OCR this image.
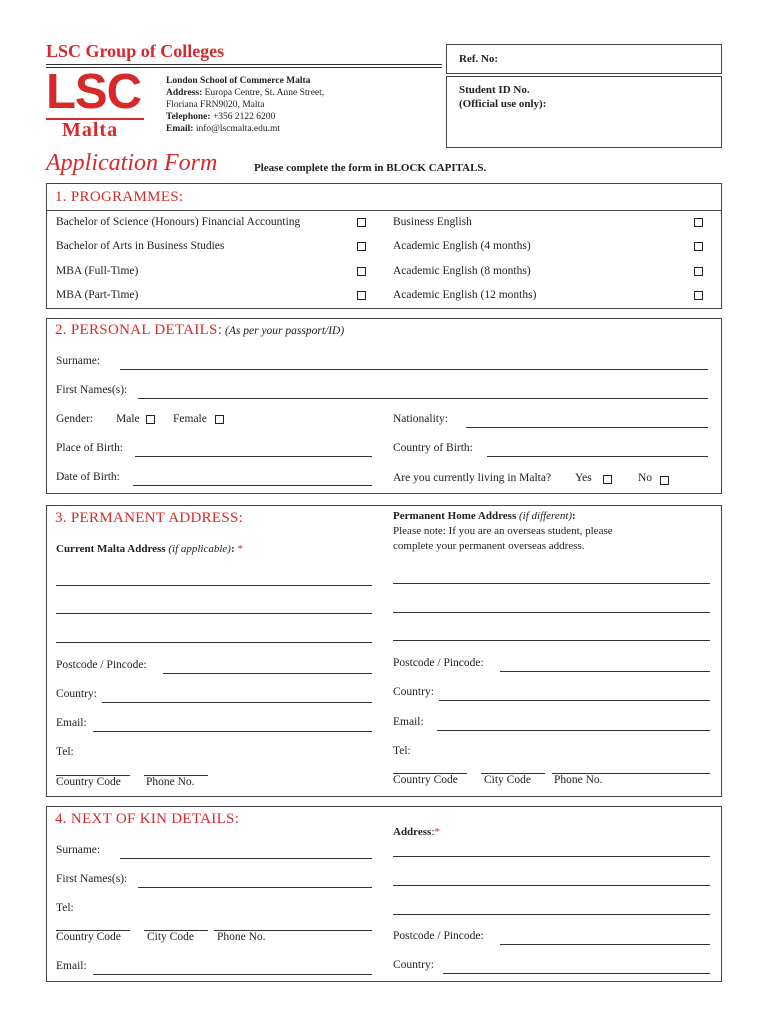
LSC Group of Colleges
LSC
Malta
London School of Commerce Malta
Address: Europa Centre, St. Anne Street,
Floriana FRN9020, Malta
Telephone: +356 2122 6200
Email: info@lscmalta.edu.mt
Ref. No:
Student ID No.
(Official use only):
Application Form	Please complete the form in BLOCK CAPITALS.
1. PROGRAMMES:
Bachelor of Science (Honours) Financial Accounting
Bachelor of Arts in Business Studies
MBA (Full-Time)
MBA (Part-Time)
Business English
Academic English (4 months)
Academic English (8 months)
Academic English (12 months)
2. PERSONAL DETAILS: (As per your passport/ID)
Surname:
First Names(s):
Gender: Male	Female	Nationality:
Place of Birth:	Country of Birth:
Date of Birth:	Are you currently living in Malta? Yes	No
3. PERMANENT ADDRESS:
Current Malta Address (if applicable): *
Postcode / Pincode:
Country:
Email:
Tel:
Country Code Phone No.
Permanent Home Address (if different):
Please note: If you are an overseas student, please
complete your permanent overseas address.
Postcode / Pincode:
Country:
Email:
Tel:
Country Code City Code Phone No.
4. NEXT OF KIN DETAILS:
Surname:
First Names(s):
Tel:
Country Code City Code Phone No.
Email:
Address:*
Postcode / Pincode:
Country:
